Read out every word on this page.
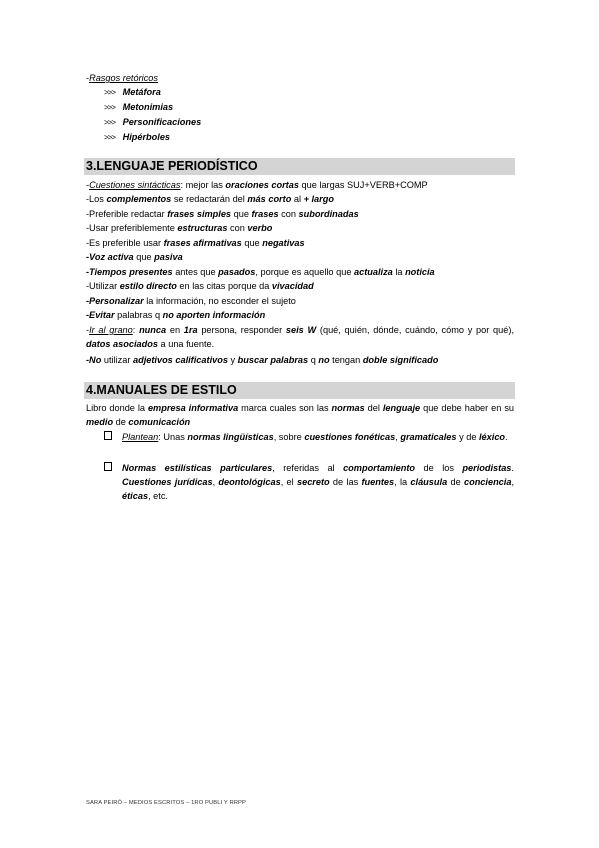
-Rasgos retóricos
>>> Metáfora
>>> Metonimias
>>> Personificaciones
>>> Hipérboles
3.LENGUAJE PERIODÍSTICO
-Cuestiones sintácticas: mejor las oraciones cortas que largas SUJ+VERB+COMP
-Los complementos se redactarán del más corto al + largo
-Preferible redactar frases simples que frases con subordinadas
-Usar preferiblemente estructuras con verbo
-Es preferible usar frases afirmativas que negativas
-Voz activa que pasiva
-Tiempos presentes antes que pasados, porque es aquello que actualiza la noticia
-Utilizar estilo directo en las citas porque da vivacidad
-Personalizar la información, no esconder el sujeto
-Evitar palabras q no aporten información
-Ir al grano: nunca en 1ra persona, responder seis W (qué, quién, dónde, cuándo, cómo y por qué), datos asociados a una fuente.
-No utilizar adjetivos calificativos y buscar palabras q no tengan doble significado
4.MANUALES DE ESTILO
Libro donde la empresa informativa marca cuales son las normas del lenguaje que debe haber en su medio de comunicación
Plantean: Unas normas lingüísticas, sobre cuestiones fonéticas, gramaticales y de léxico.
Normas estilísticas particulares, referidas al comportamiento de los periodistas. Cuestiones jurídicas, deontológicas, el secreto de las fuentes, la cláusula de conciencia, éticas, etc.
SARA PEIRÓ – MEDIOS ESCRITOS – 1RO PUBLI Y RRPP
